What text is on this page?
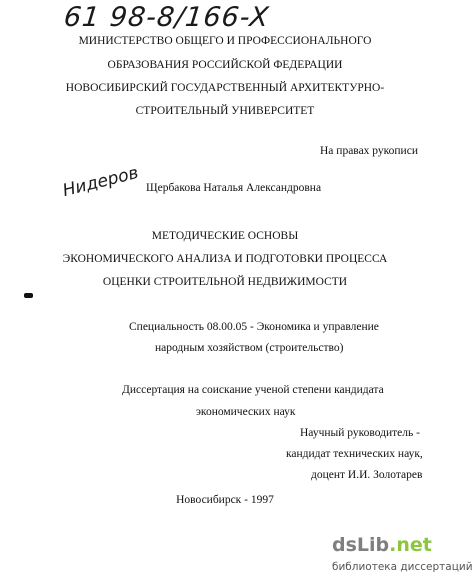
61 98-8/166-X
МИНИСТЕРСТВО ОБЩЕГО И ПРОФЕССИОНАЛЬНОГО
ОБРАЗОВАНИЯ РОССИЙСКОЙ ФЕДЕРАЦИИ
НОВОСИБИРСКИЙ ГОСУДАРСТВЕННЫЙ АРХИТЕКТУРНО-
СТРОИТЕЛЬНЫЙ УНИВЕРСИТЕТ
На правах рукописи
Нидеров Щербакова Наталья Александровна
МЕТОДИЧЕСКИЕ ОСНОВЫ
ЭКОНОМИЧЕСКОГО АНАЛИЗА И ПОДГОТОВКИ ПРОЦЕССА
ОЦЕНКИ СТРОИТЕЛЬНОЙ НЕДВИЖИМОСТИ
Специальность 08.00.05 - Экономика и управление
народным хозяйством (строительство)
Диссертация на соискание ученой степени кандидата
экономических наук
Научный руководитель -
кандидат технических наук,
доцент И.И. Золотарев
Новосибирск - 1997
dsLib .net
библиотека диссертаций
